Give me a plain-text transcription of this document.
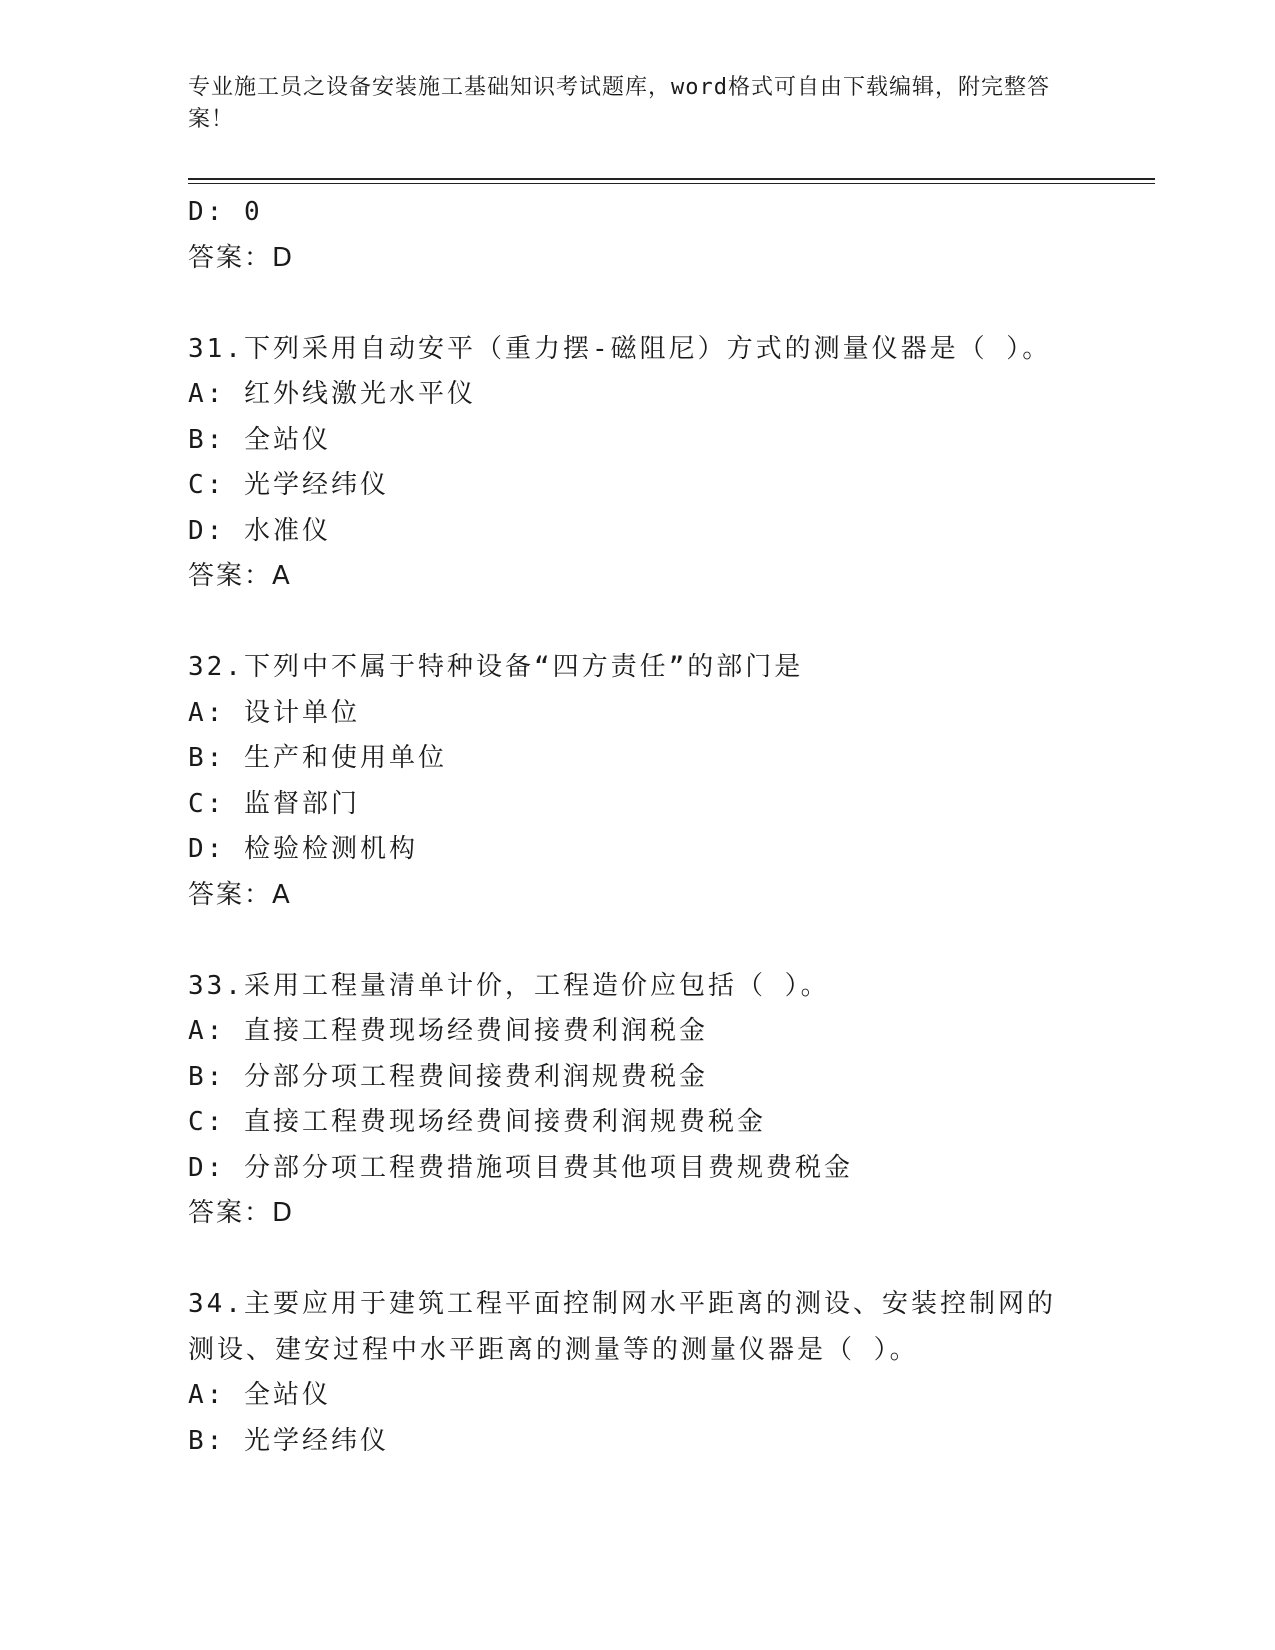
专业施工员之设备安装施工基础知识考试题库，word格式可自由下载编辑，附完整答案！
D: 0
答案：D
31.下列采用自动安平（重力摆-磁阻尼）方式的测量仪器是（ ）。
A: 红外线激光水平仪
B: 全站仪
C: 光学经纬仪
D: 水准仪
答案：A
32.下列中不属于特种设备“四方责任”的部门是
A: 设计单位
B: 生产和使用单位
C: 监督部门
D: 检验检测机构
答案：A
33.采用工程量清单计价，工程造价应包括（ ）。
A: 直接工程费现场经费间接费利润税金
B: 分部分项工程费间接费利润规费税金
C: 直接工程费现场经费间接费利润规费税金
D: 分部分项工程费措施项目费其他项目费规费税金
答案：D
34.主要应用于建筑工程平面控制网水平距离的测设、安装控制网的测设、建安过程中水平距离的测量等的测量仪器是（ ）。
A: 全站仪
B: 光学经纬仪
